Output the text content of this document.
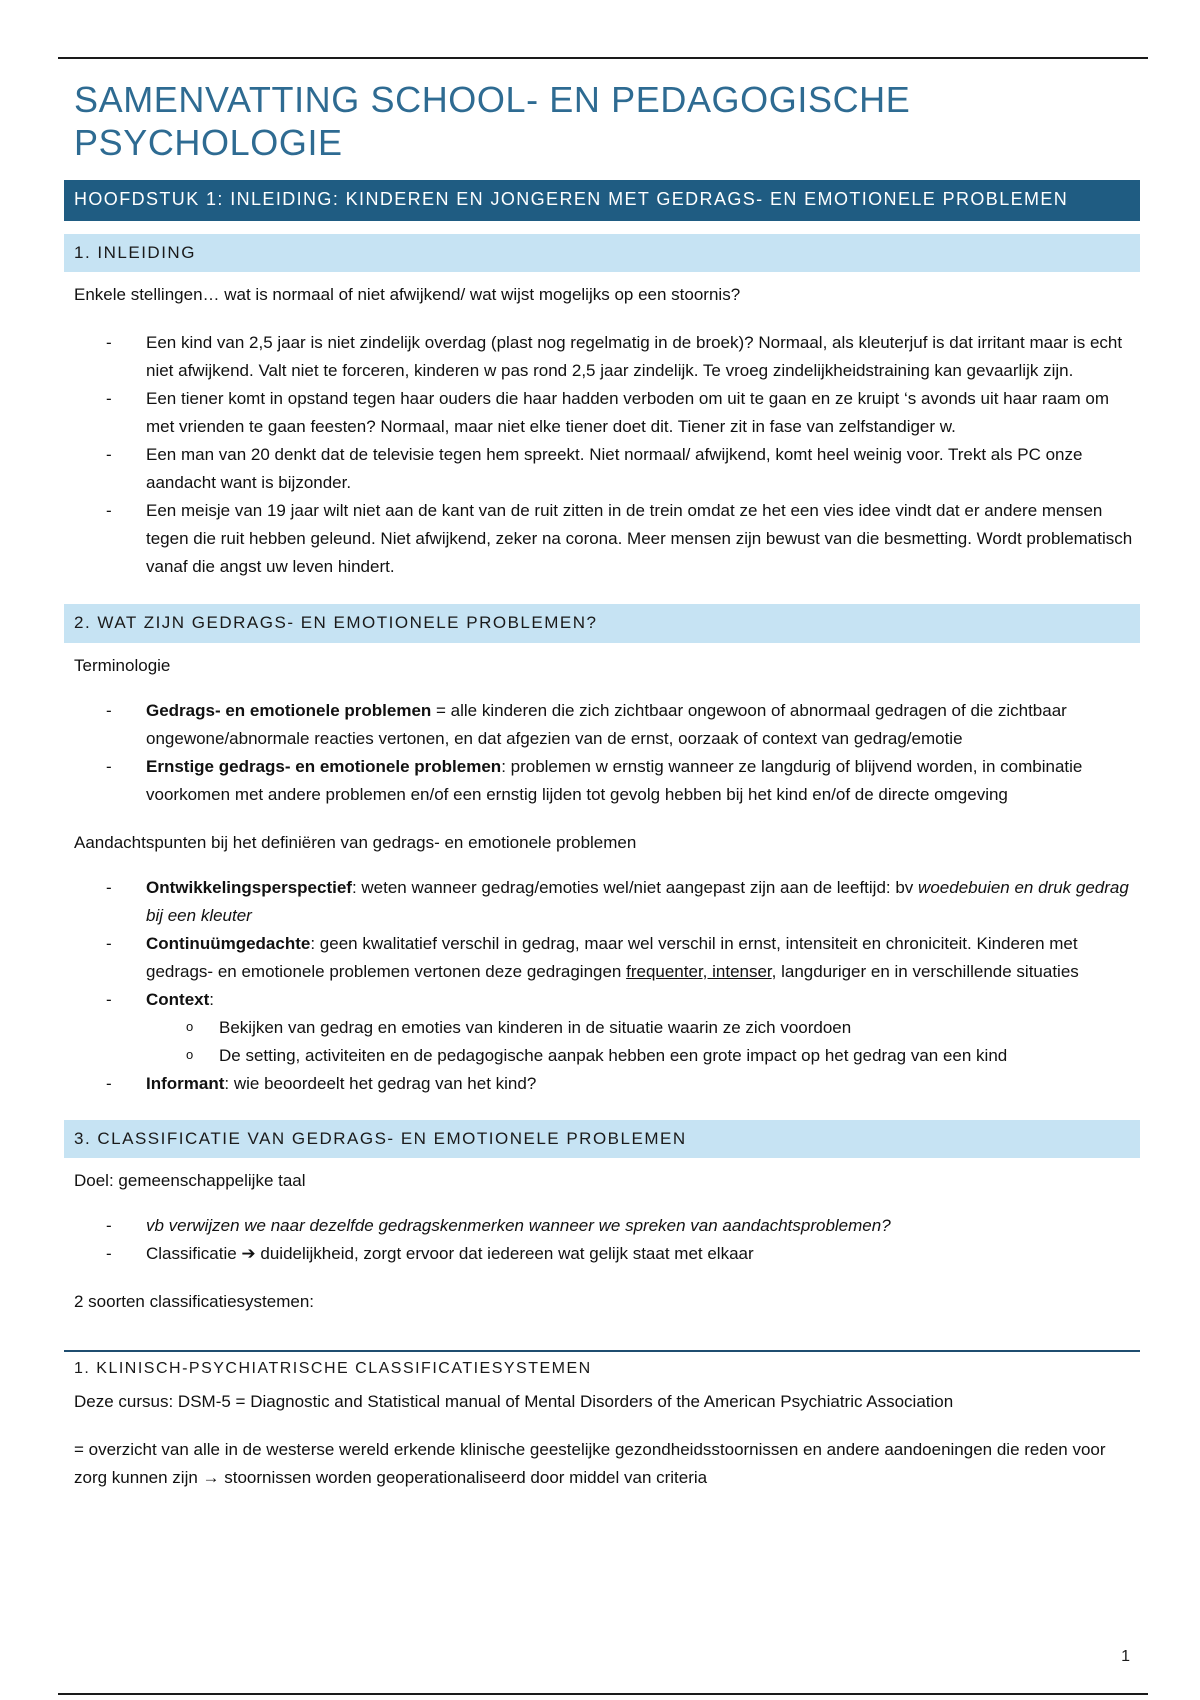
SAMENVATTING SCHOOL- EN PEDAGOGISCHE PSYCHOLOGIE
HOOFDSTUK 1: INLEIDING: KINDEREN EN JONGEREN MET GEDRAGS- EN EMOTIONELE PROBLEMEN
1. INLEIDING

Enkele stellingen… wat is normaal of niet afwijkend/ wat wijst mogelijks op een stoornis?

- Een kind van 2,5 jaar is niet zindelijk overdag (plast nog regelmatig in de broek)? Normaal, als kleuterjuf is dat irritant maar is echt niet afwijkend. Valt niet te forceren, kinderen w pas rond 2,5 jaar zindelijk. Te vroeg zindelijkheidstraining kan gevaarlijk zijn.
- Een tiener komt in opstand tegen haar ouders die haar hadden verboden om uit te gaan en ze kruipt ‘s avonds uit haar raam om met vrienden te gaan feesten? Normaal, maar niet elke tiener doet dit. Tiener zit in fase van zelfstandiger w.
- Een man van 20 denkt dat de televisie tegen hem spreekt. Niet normaal/ afwijkend, komt heel weinig voor. Trekt als PC onze aandacht want is bijzonder.
- Een meisje van 19 jaar wilt niet aan de kant van de ruit zitten in de trein omdat ze het een vies idee vindt dat er andere mensen tegen die ruit hebben geleund. Niet afwijkend, zeker na corona. Meer mensen zijn bewust van die besmetting. Wordt problematisch vanaf die angst uw leven hindert.
2. WAT ZIJN GEDRAGS- EN EMOTIONELE PROBLEMEN?

Terminologie

- Gedrags- en emotionele problemen = alle kinderen die zich zichtbaar ongewoon of abnormaal gedragen of die zichtbaar ongewone/abnormale reacties vertonen, en dat afgezien van de ernst, oorzaak of context van gedrag/emotie
- Ernstige gedrags- en emotionele problemen: problemen w ernstig wanneer ze langdurig of blijvend worden, in combinatie voorkomen met andere problemen en/of een ernstig lijden tot gevolg hebben bij het kind en/of de directe omgeving

Aandachtspunten bij het definiëren van gedrags- en emotionele problemen

- Ontwikkelingsperspectief: weten wanneer gedrag/emoties wel/niet aangepast zijn aan de leeftijd: bv woedebuien en druk gedrag bij een kleuter
- Continuümgedachte: geen kwalitatief verschil in gedrag, maar wel verschil in ernst, intensiteit en chroniciteit. Kinderen met gedrags- en emotionele problemen vertonen deze gedragingen frequenter, intenser, langduriger en in verschillende situaties
- Context:
o Bekijken van gedrag en emoties van kinderen in de situatie waarin ze zich voordoen
o De setting, activiteiten en de pedagogische aanpak hebben een grote impact op het gedrag van een kind
- Informant: wie beoordeelt het gedrag van het kind?
3. CLASSIFICATIE VAN GEDRAGS- EN EMOTIONELE PROBLEMEN

Doel: gemeenschappelijke taal

- vb verwijzen we naar dezelfde gedragskenmerken wanneer we spreken van aandachtsproblemen?
- Classificatie ➔ duidelijkheid, zorgt ervoor dat iedereen wat gelijk staat met elkaar

2 soorten classificatiesystemen:

1. KLINISCH-PSYCHIATRISCHE CLASSIFICATIESYSTEMEN

Deze cursus: DSM-5 = Diagnostic and Statistical manual of Mental Disorders of the American Psychiatric Association

= overzicht van alle in de westerse wereld erkende klinische geestelijke gezondheidsstoornissen en andere aandoeningen die reden voor zorg kunnen zijn → stoornissen worden geoperationaliseerd door middel van criteria

1
